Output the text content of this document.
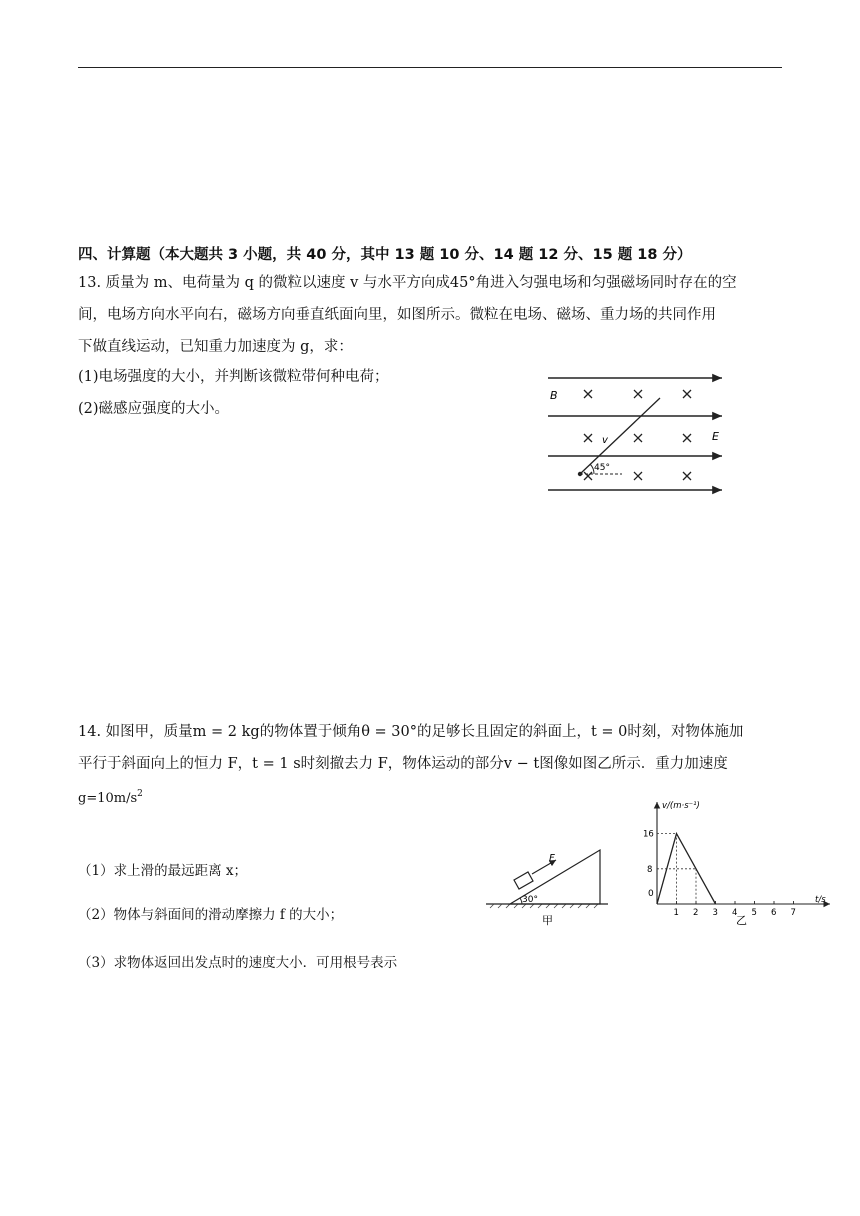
四、计算题（本大题共 3 小题，共 40 分，其中 13 题 10 分、14 题 12 分、15 题 18 分）
13. 质量为 m、电荷量为 q 的微粒以速度 v 与水平方向成45°角进入匀强电场和匀强磁场同时存在的空
间，电场方向水平向右，磁场方向垂直纸面向里，如图所示。微粒在电场、磁场、重力场的共同作用
下做直线运动，已知重力加速度为 g，求：
(1)电场强度的大小，并判断该微粒带何种电荷；
(2)磁感应强度的大小。
B
E
v
45°
14. 如图甲，质量m = 2 kg的物体置于倾角θ = 30°的足够长且固定的斜面上，t = 0时刻，对物体施加
平行于斜面向上的恒力 F，t = 1 s时刻撤去力 F，物体运动的部分v − t图像如图乙所示．重力加速度
$g=10m/s^2$
（1）求上滑的最远距离 x；
（2）物体与斜面间的滑动摩擦力 f 的大小；
（3）求物体返回出发点时的速度大小．可用根号表示
F
30°
甲
v/(m·s⁻¹)
t/s
0
1 2 3 4 5 6 7
8
16
乙
